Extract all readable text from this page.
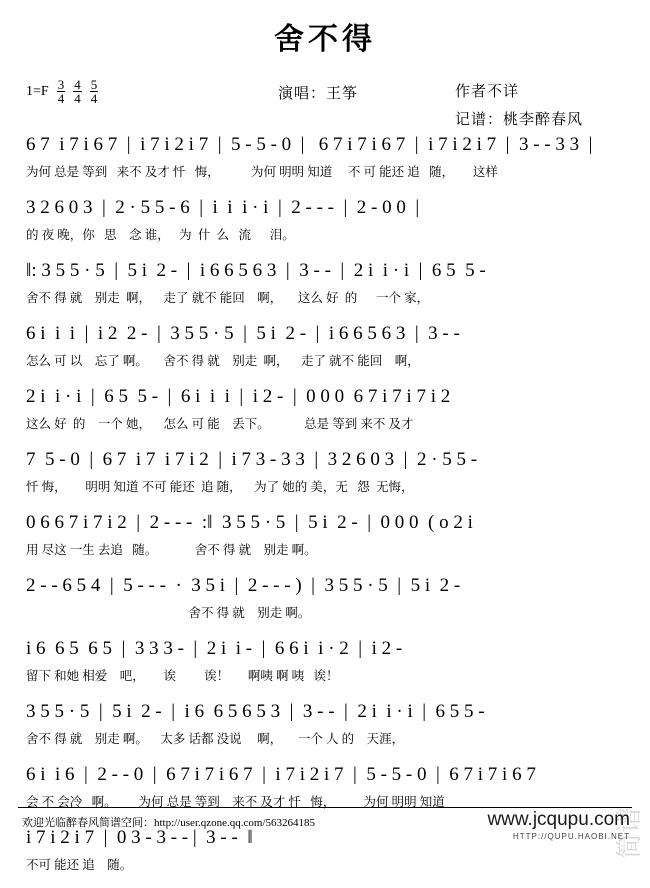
舍不得
$1=F \frac{3}{4} \frac{4}{4} \frac{5}{4}$	演唱：王筝	作者不详
记谱：桃李醉春风
6 7  i 7 i 6 7  |  i 7 i 2 i 7  |  5 - 5 - 0  |   6 7 i 7 i 6 7  |  i 7 i 2 i 7  |  3 - - 3 3  |
为何 总是 等到   来不 及才 忏   悔，          为何 明明 知道     不 可 能还 追   随，      这样
3 2 6 0 3  |  2 · 5 5 - 6  |  i  i  i · i  |  2 - - -  |  2 - 0 0  |
的 夜 晚，你   思    念 谁，   为  什  么   流      泪。
‖: 3 5 5 · 5  |  5 i  2 -  |  i 6 6 5 6 3  |  3 - -  |  2 i  i · i  |  6 5  5 -
舍不 得 就    别走  啊，    走了 就不 能回    啊，     这么 好  的      一个 家，
6 i  i  i  |  i 2  2 -  |  3 5 5 · 5  |  5 i  2 -  |  i 6 6 5 6 3  |  3 - -
怎么 可 以    忘了 啊。     舍不 得 就    别走  啊，    走了 就不 能回    啊，
2 i  i · i  |  6 5  5 -  |  6 i  i  i  |  i 2 -  |  0 0 0  6 7 i 7 i 7 i 2
这么 好  的    一个 她，    怎么 可 能    丢下。           总是 等到 来不 及才
7  5 - 0  |  6 7  i 7  i 7 i 2  |  i 7 3 - 3 3  |  3 2 6 0 3  |  2 · 5 5 -
忏 悔，      明明 知道 不可 能还  追 随，    为了 她的 美，无   怨  无悔，
0 6 6 7 i 7 i 2  |  2 - - -  :‖  3 5 5 · 5  |  5 i  2 -  |  0 0 0  ( o 2 i
用 尽这 一生 去追   随。            舍不 得 就    别走 啊。
2 - - 6 5 4  |  5 - - -  ·  3 5 i  |  2 - - - )  |  3 5 5 · 5  |  5 i  2 -
舍不 得 就    别走 啊。
i 6  6 5  6 5  |  3 3 3 -  |  2 i  i -  |  6 6 i  i · 2  |  i 2 -
留下 和她 相爱    吧，      诶         诶！      啊咦 啊 咦   诶！
3 5 5 · 5  |  5 i  2 -  |  i 6  6 5 6 5 3  |  3 - -  |  2 i  i · i  |  6 5 5 -
舍不 得 就    别走 啊。    太多 话都 没说     啊，     一个 人 的    天涯，
6 i  i 6  |  2 - - 0  |  6 7 i 7 i 6 7  |  i 7 i 2 i 7  |  5 - 5 - 0  |  6 7 i 7 i 6 7
会 不 会冷   啊。       为何 总是 等到    来不 及才 忏   悔，         为何 明明 知道
i 7 i 2 i 7  |  0 3 - 3 - - |  3 - -  ‖
不可 能还 追    随。
简谱
欢迎光临醉春风简谱空间：http://user.qzone.qq.com/563264185	www.jcqupu.com
HTTP://QUPU.HAOBI.NET
